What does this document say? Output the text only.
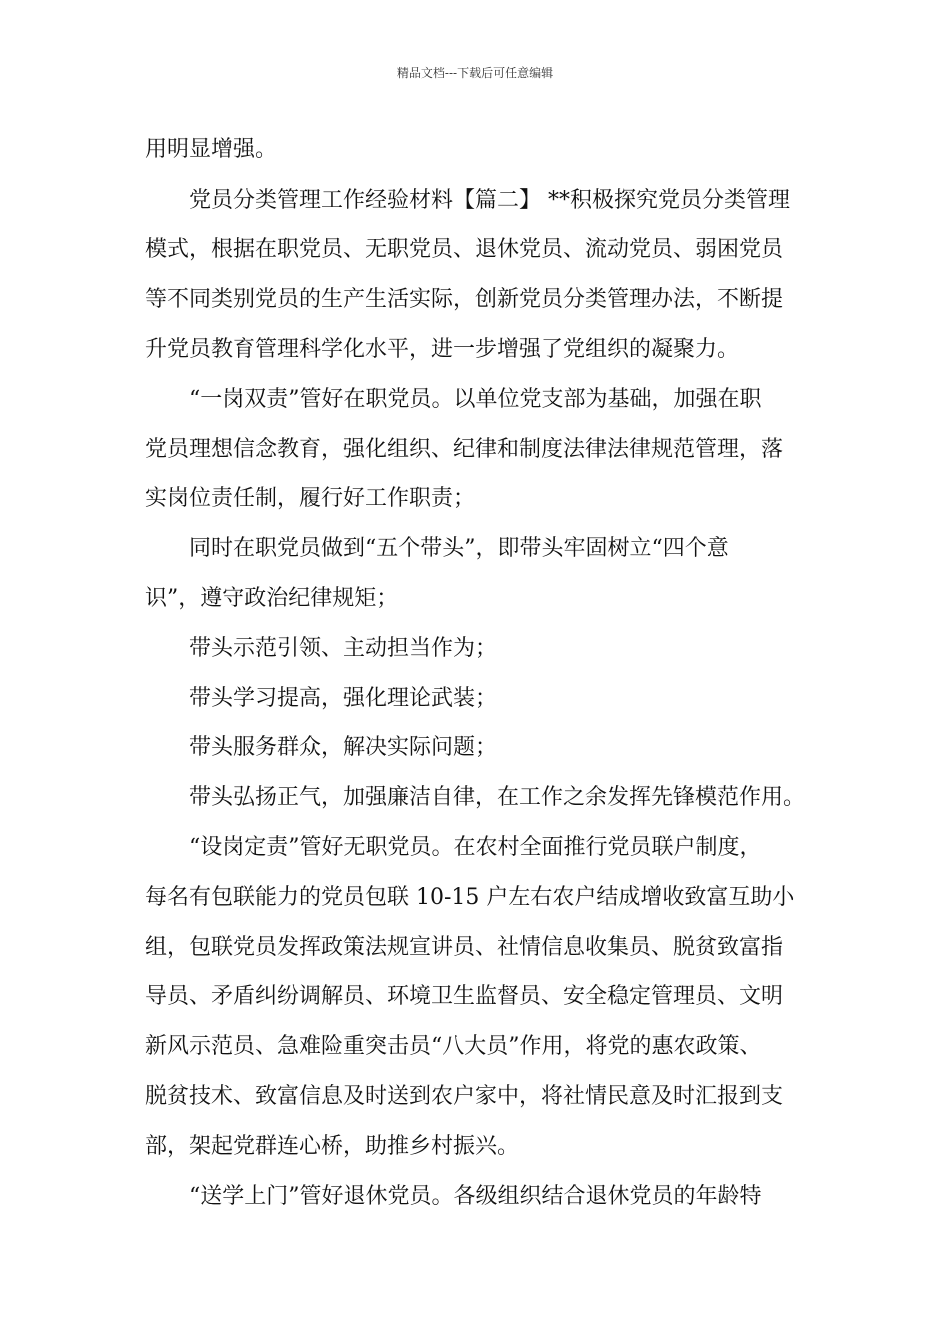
精品文档---下载后可任意编辑
用明显增强。
党员分类管理工作经验材料【篇二】 **积极探究党员分类管理
模式，根据在职党员、无职党员、退休党员、流动党员、弱困党员
等不同类别党员的生产生活实际，创新党员分类管理办法，不断提
升党员教育管理科学化水平，进一步增强了党组织的凝聚力。
“一岗双责”管好在职党员。以单位党支部为基础，加强在职
党员理想信念教育，强化组织、纪律和制度法律法律规范管理，落
实岗位责任制，履行好工作职责；
同时在职党员做到“五个带头”，即带头牢固树立“四个意
识”，遵守政治纪律规矩；
带头示范引领、主动担当作为；
带头学习提高，强化理论武装；
带头服务群众，解决实际问题；
带头弘扬正气，加强廉洁自律，在工作之余发挥先锋模范作用。
“设岗定责”管好无职党员。在农村全面推行党员联户制度，
每名有包联能力的党员包联 10-15 户左右农户结成增收致富互助小
组，包联党员发挥政策法规宣讲员、社情信息收集员、脱贫致富指
导员、矛盾纠纷调解员、环境卫生监督员、安全稳定管理员、文明
新风示范员、急难险重突击员“八大员”作用，将党的惠农政策、
脱贫技术、致富信息及时送到农户家中，将社情民意及时汇报到支
部，架起党群连心桥，助推乡村振兴。
“送学上门”管好退休党员。各级组织结合退休党员的年龄特
